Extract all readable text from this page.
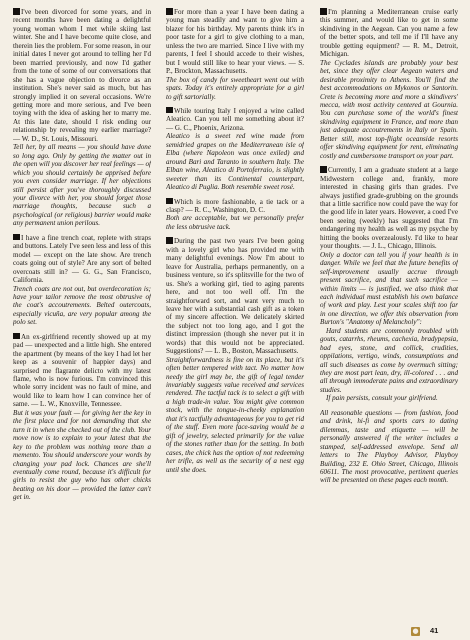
I've been divorced for some years, and in recent months have been dating a delightful young woman whom I met while skiing last winter. She and I have become quite close, and therein lies the problem. For some reason, in our initial dates I never got around to telling her I'd been married previously, and now I'd gather from the tone of some of our conversations that she has a vague objection to divorce as an institution. She's never said as much, but has strongly implied it on several occasions. We're getting more and more serious, and I've been toying with the idea of asking her to marry me. At this late date, should I risk ending our relationship by revealing my earlier marriage? — W. D., St. Louis, Missouri.

Tell her, by all means — you should have done so long ago. Only by getting the matter out in the open will you discover her real feelings — of which you should certainly be apprised before you even consider marriage. If her objections still persist after you've thoroughly discussed your divorce with her, you should forget those marriage thoughts, because such a psychological (or religious) barrier would make any permanent union perilous.

I have a fine trench coat, replete with straps and buttons. Lately I've seen less and less of this model — except on the late show. Are trench coats going out of style? Are any sort of belted overcoats still in? — G. G., San Francisco, California.

Trench coats are not out, but overdecoration is; have your tailor remove the most obtrusive of the coat's accoutrements. Belted outercoats, especially vicuña, are very popular among the polo set.

An ex-girlfriend recently showed up at my pad — unexpected and a little high. She entered the apartment (by means of the key I had let her keep as a souvenir of happier days) and surprised me flagrante delicto with my latest flame, who is now furious. I'm convinced this whole sorry incident was no fault of mine, and would like to learn how I can convince her of same. — L. W., Knoxville, Tennessee.

But it was your fault — for giving her the key in the first place and for not demanding that she turn it in when she checked out of the club. Your move now is to explain to your latest that the key to the problem was nothing more than a memento. You should underscore your words by changing your pad lock. Chances are she'll eventually come round, because it's difficult for girls to resist the guy who has other chicks beating on his door — provided the latter can't get in.

For more than a year I have been dating a young man steadily and want to give him a blazer for his birthday. My parents think it's in poor taste for a girl to give clothing to a man, unless the two are married. Since I live with my parents, I feel I should accede to their wishes, but I would still like to hear your views. — S. P., Brockton, Massachusetts.

The box of candy for sweetheart went out with spats. Today it's entirely appropriate for a girl to gift sartorially.

While touring Italy I enjoyed a wine called Aleatico. Can you tell me something about it? — G. C., Phoenix, Arizona.

Aleatico is a sweet red wine made from semidried grapes on the Mediterranean isle of Elba (where Napoleon was once exiled) and around Bari and Taranto in southern Italy. The Elban wine, Aleatico di Portoferraio, is slightly sweeter than its Continental counterpart, Aleatico di Puglia. Both resemble sweet rosé.

Which is more fashionable, a tie tack or a clasp? — R. C., Washington, D. C.

Both are acceptable, but we personally prefer the less obtrusive tack.

During the past two years I've been going with a lovely girl who has provided me with many delightful evenings. Now I'm about to leave for Australia, perhaps permanently, on a business venture, so it's splitsville for the two of us. She's a working girl, tied to aging parents here, and not too well off. I'm the straightforward sort, and want very much to leave her with a substantial cash gift as a token of my sincere affection. We delicately skirted the subject not too long ago, and I got the distinct impression (though she never put it in words) that this would not be appreciated. Suggestions? — L. B., Boston, Massachusetts.

Straightforwardness is fine on its place, but it's often better tempered with tact. No matter how needy the girl may be, the gift of legal tender invariably suggests value received and services rendered. The tactful tack is to select a gift with a high trade-in value. You might give common stock, with the tongue-in-cheeky explanation that it's tactfully advantageous for you to get rid of the stuff. Even more face-saving would be a gift of jewelry, selected primarily for the value of the stones rather than for the setting. In both cases, the chick has the option of not redeeming her trifle, as well as the security of a nest egg until she does.

I'm planning a Mediterranean cruise early this summer, and would like to get in some skindiving in the Aegean. Can you name a few of the better spots, and tell me if I'll have any trouble getting equipment? — R. M., Detroit, Michigan.

The Cyclades islands are probably your best bet, since they offer clear Aegean waters and desirable proximity to Athens. You'll find the best accommodations on Mykonos or Santorin. Crete is becoming more and more a skindivers' mecca, with most activity centered at Gournia. You can purchase some of the world's finest skindiving equipment in France, and more than just adequate accoutrements in Italy or Spain. Better still, most top-flight oceanside resorts offer skindiving equipment for rent, eliminating costly and cumbersome transport on your part.

Currently, I am a graduate student at a large Midwestern college and, frankly, more interested in chasing girls than grades. I've always justified grade-grubbing on the grounds that a little sacrifice now could pave the way for the good life in later years. However, a coed I've been seeing (weekly) has suggested that I'm endangering my health as well as my psyche by hitting the books overzealously. I'd like to hear your thoughts. — J. L., Chicago, Illinois.

Only a doctor can tell you if your health is in danger. While we feel that the future benefits of self-improvement usually accrue through present sacrifice, and that such sacrifice — within limits — is justified, we also think that each individual must establish his own balance of work and play. Lest your scales shift too far in one direction, we offer this observation from Burton's "Anatomy of Melancholy":

Hard students are commonly troubled with gouts, catarrhs, rheums, cachexia, bradypepsia, bad eyes, stone, and collick, crudities, oppilations, vertigo, winds, consumptions and all such diseases as come by overmuch sitting; they are most part lean, dry, ill-colored . . . and all through immoderate pains and extraordinary studies.

If pain persists, consult your girlfriend.

All reasonable questions — from fashion, food and drink, hi-fi and sports cars to dating dilemmas, taste and etiquette — will be personally answered if the writer includes a stamped, self-addressed envelope. Send all letters to The Playboy Advisor, Playboy Building, 232 E. Ohio Street, Chicago, Illinois 60611. The most provocative, pertinent queries will be presented on these pages each month.

● 41
